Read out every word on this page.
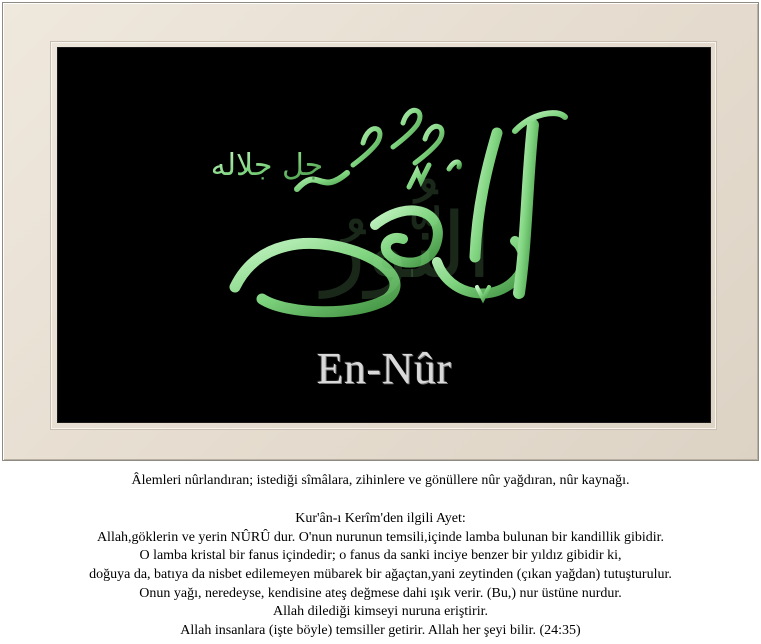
جل جلاله
النُّورُ
En-Nûr
Âlemleri nûrlandıran; istediği sîmâlara, zihinlere ve gönüllere nûr yağdıran, nûr kaynağı.
Kur'ân-ı Kerîm'den ilgili Ayet:
Allah,göklerin ve yerin NÛRÛ dur. O'nun nurunun temsili,içinde lamba bulunan bir kandillik gibidir.
O lamba kristal bir fanus içindedir; o fanus da sanki inciye benzer bir yıldız gibidir ki,
doğuya da, batıya da nisbet edilemeyen mübarek bir ağaçtan,yani zeytinden (çıkan yağdan) tutuşturulur.
Onun yağı, neredeyse, kendisine ateş değmese dahi ışık verir. (Bu,) nur üstüne nurdur.
Allah dilediği kimseyi nuruna eriştirir.
Allah insanlara (işte böyle) temsiller getirir. Allah her şeyi bilir. (24:35)
